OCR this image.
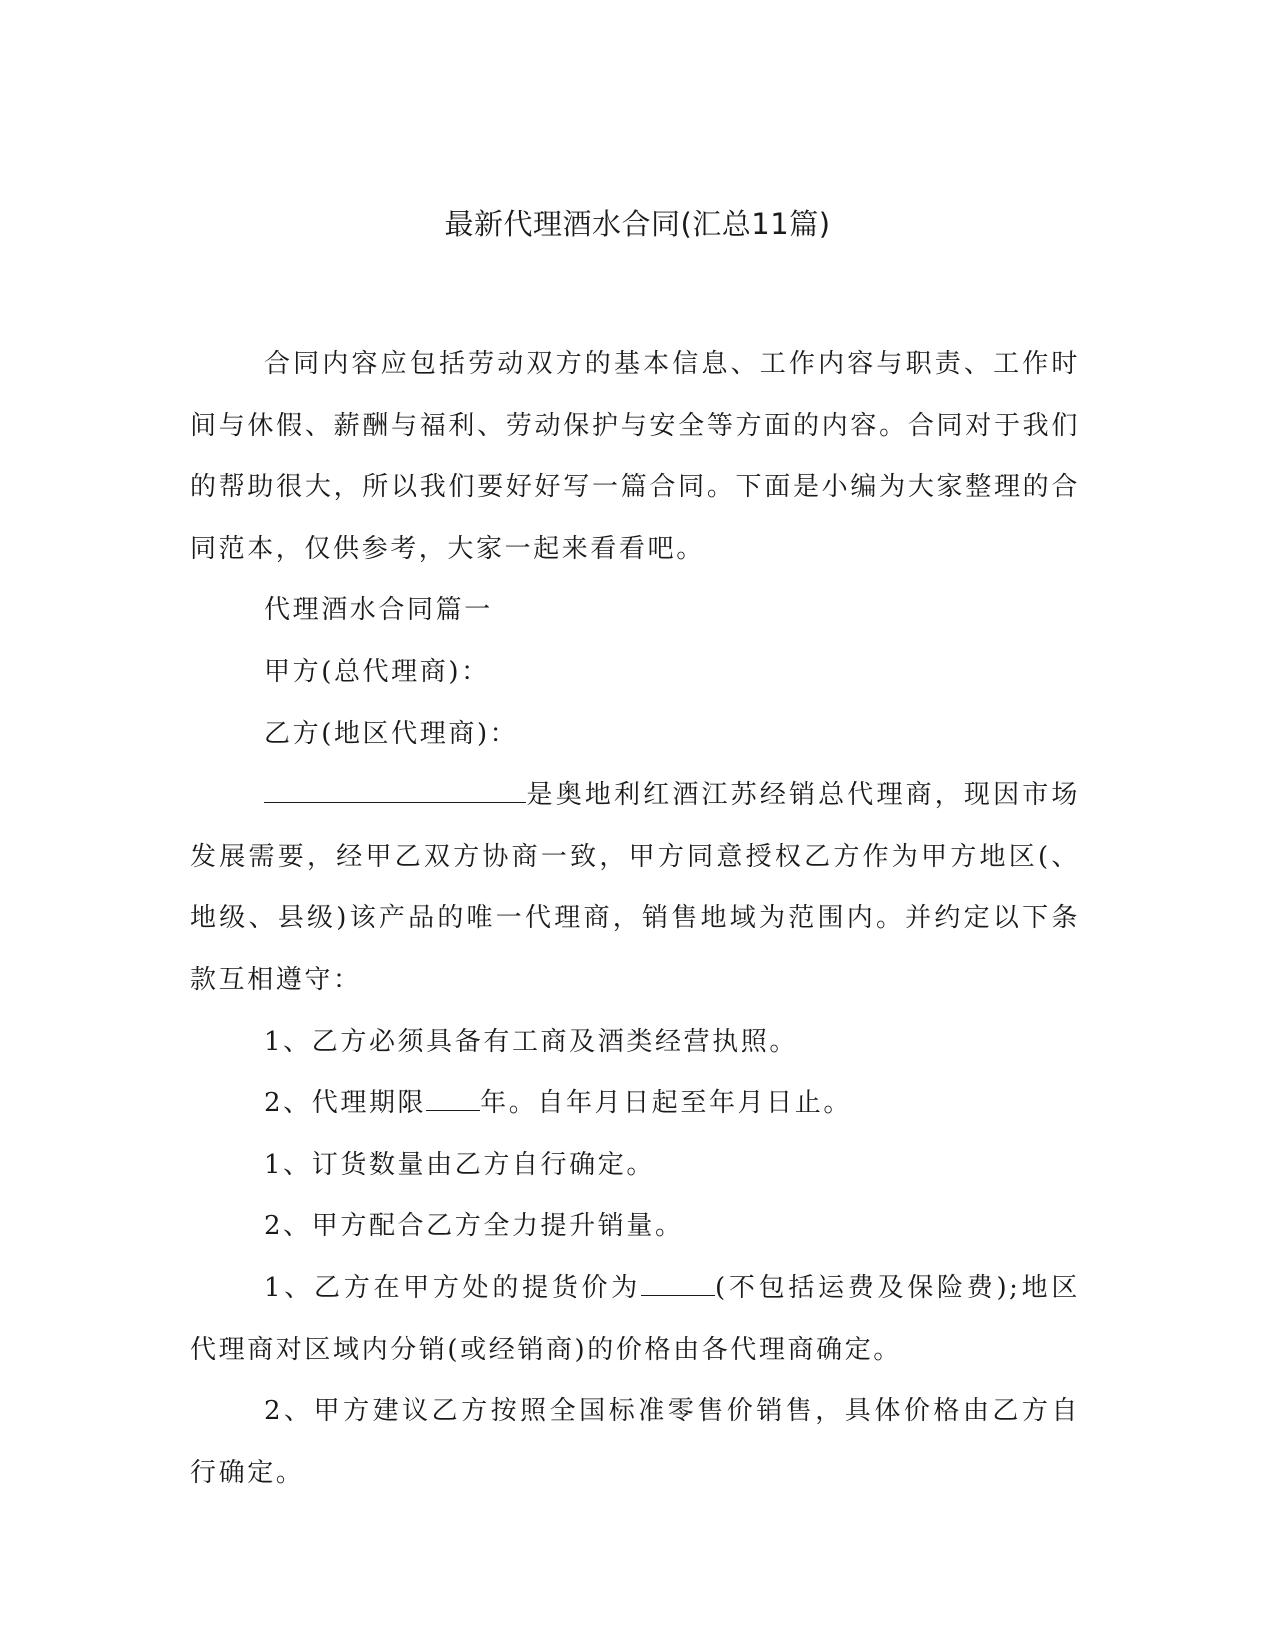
最新代理酒水合同(汇总11篇)

合同内容应包括劳动双方的基本信息、工作内容与职责、工作时间与休假、薪酬与福利、劳动保护与安全等方面的内容。合同对于我们的帮助很大，所以我们要好好写一篇合同。下面是小编为大家整理的合同范本，仅供参考，大家一起来看看吧。

代理酒水合同篇一

甲方(总代理商)：

乙方(地区代理商)：

是奥地利红酒江苏经销总代理商，现因市场发展需要，经甲乙双方协商一致，甲方同意授权乙方作为甲方地区(、地级、县级)该产品的唯一代理商，销售地域为范围内。并约定以下条款互相遵守：

1、乙方必须具备有工商及酒类经营执照。

2、代理期限 年。自年月日起至年月日止。

1、订货数量由乙方自行确定。

2、甲方配合乙方全力提升销量。

1、乙方在甲方处的提货价为	(不包括运费及保险费);地区代理商对区域内分销(或经销商)的价格由各代理商确定。

2、甲方建议乙方按照全国标准零售价销售，具体价格由乙方自行确定。
